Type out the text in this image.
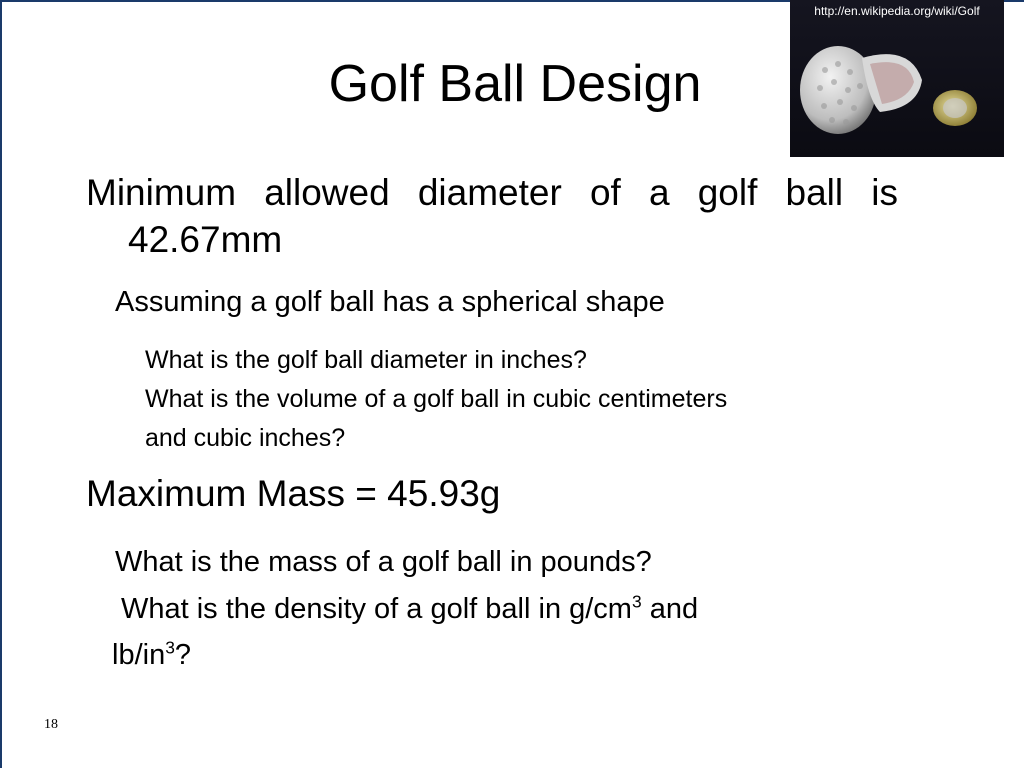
Golf Ball Design
http://en.wikipedia.org/wiki/Golf
Minimum allowed diameter of a golf ball is
42.67mm
Assuming a golf ball has a spherical shape
What is the golf ball diameter in inches?
What is the volume of a golf ball in cubic centimeters
and cubic inches?
Maximum Mass = 45.93g
What is the mass of a golf ball in pounds?
What is the density of a golf ball in $g/cm^3$ and
$lb/in^3$?
18
